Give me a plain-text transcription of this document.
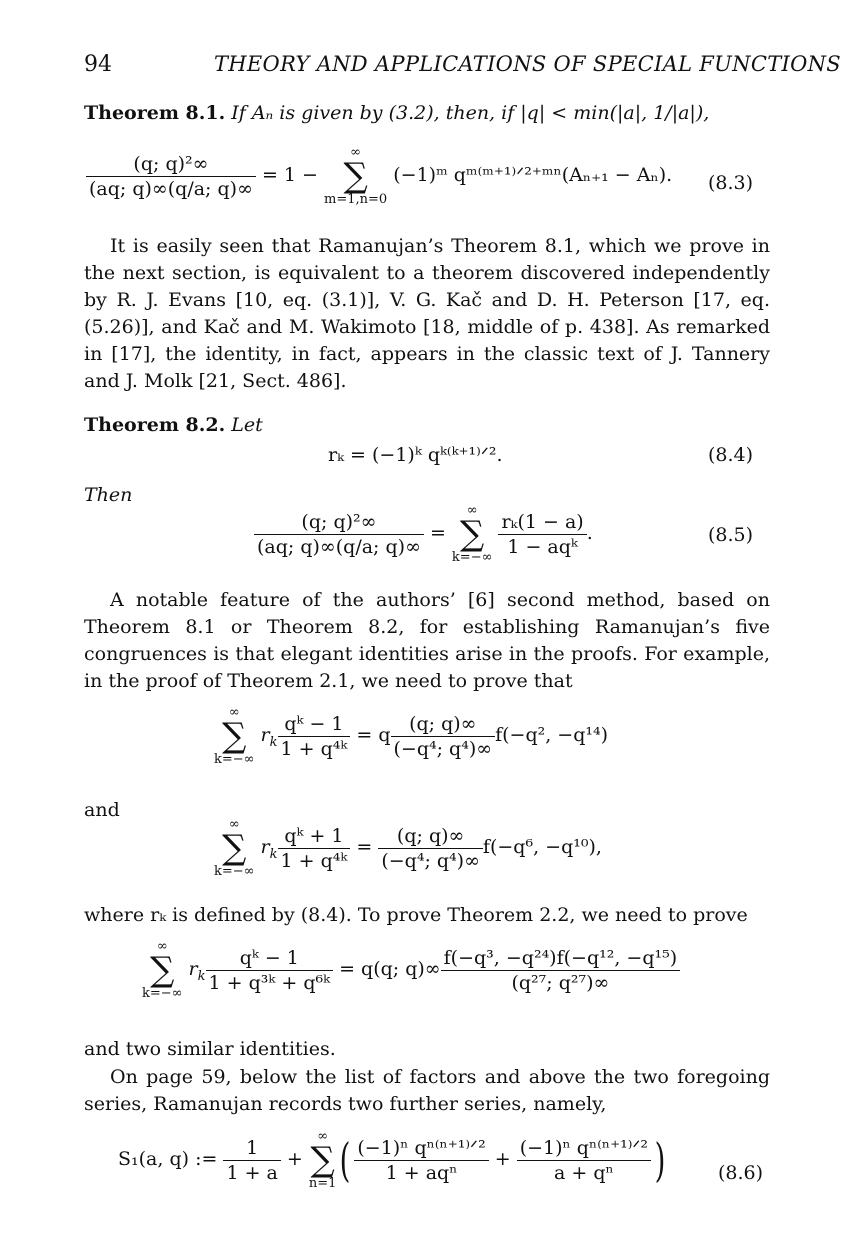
94	THEORY AND APPLICATIONS OF SPECIAL FUNCTIONS
Theorem 8.1. If Aₙ is given by (3.2), then, if |q| < min(|a|, 1/|a|),
$\frac{\text{(q; q)²∞}}{(aq; q)\infty(q/a; q)\infty} = 1$ −
∞
∑
m=1,n=0
(−1)ᵐ qᵐ⁽ᵐ⁺¹⁾ᐟ²⁺ᵐⁿ(Aₙ₊₁ − Aₙ). (8.3)
It is easily seen that Ramanujan’s Theorem 8.1, which we prove in the next section, is equivalent to a theorem discovered independently by R. J. Evans [10, eq. (3.1)], V. G. Kač and D. H. Peterson [17, eq. (5.26)], and Kač and M. Wakimoto [18, middle of p. 438]. As remarked in [17], the identity, in fact, appears in the classic text of J. Tannery and J. Molk [21, Sect. 486].
Theorem 8.2. Let
rₖ = (−1)ᵏ qᵏ⁽ᵏ⁺¹⁾ᐟ².	(8.4)
Then
$\frac{\text{(q; q)²∞}}{(aq; q)\infty(q/a; q)\infty}$ =
∞
∑
k=−∞
$\frac{\text{rₖ(1 − a)}}{\text{1 − aqᵏ}}$ .	(8.5)
A notable feature of the authors’ [6] second method, based on Theorem 8.1 or Theorem 8.2, for establishing Ramanujan’s five congruences is that elegant identities arise in the proofs. For example, in the proof of Theorem 2.1, we need to prove that
∞
∑
k=−∞
$r_k \frac{\text{qᵏ − 1}}{\text{1 + q⁴ᵏ}} = q \frac{(q; q)\infty}{\text{(−q⁴; q⁴)∞}} f(-q^2$, −q¹⁴)
and
∞
∑
k=−∞
$r_k \frac{\text{qᵏ + 1}}{\text{1 + q⁴ᵏ}} = \frac{(q; q)\infty}{\text{(−q⁴; q⁴)∞}} f(-q^6$, −q¹⁰),
where rₖ is defined by (8.4). To prove Theorem 2.2, we need to prove
∞
∑
k=−∞
$r_k \frac{\text{qᵏ − 1}}{\text{1 + q³ᵏ + q⁶ᵏ}} = q(q$; $q)\infty \frac{\text{f(−q³, −q²⁴)f(−q¹², −q¹⁵)}}{\text{(q²⁷; q²⁷)∞}}$
and two similar identities.
On page 59, below the list of factors and above the two foregoing series, Ramanujan records two further series, namely,
S₁(a, q) := $\frac{1}{1 + a}$ +
∞
∑
n=1 ( $\frac{\text{(−1)ⁿ qⁿ⁽ⁿ⁺¹⁾ᐟ²}}{\text{1 + aqⁿ}} + \frac{\text{(−1)ⁿ qⁿ⁽ⁿ⁺¹⁾ᐟ²}}{\text{a + qⁿ}}$ )	(8.6)
